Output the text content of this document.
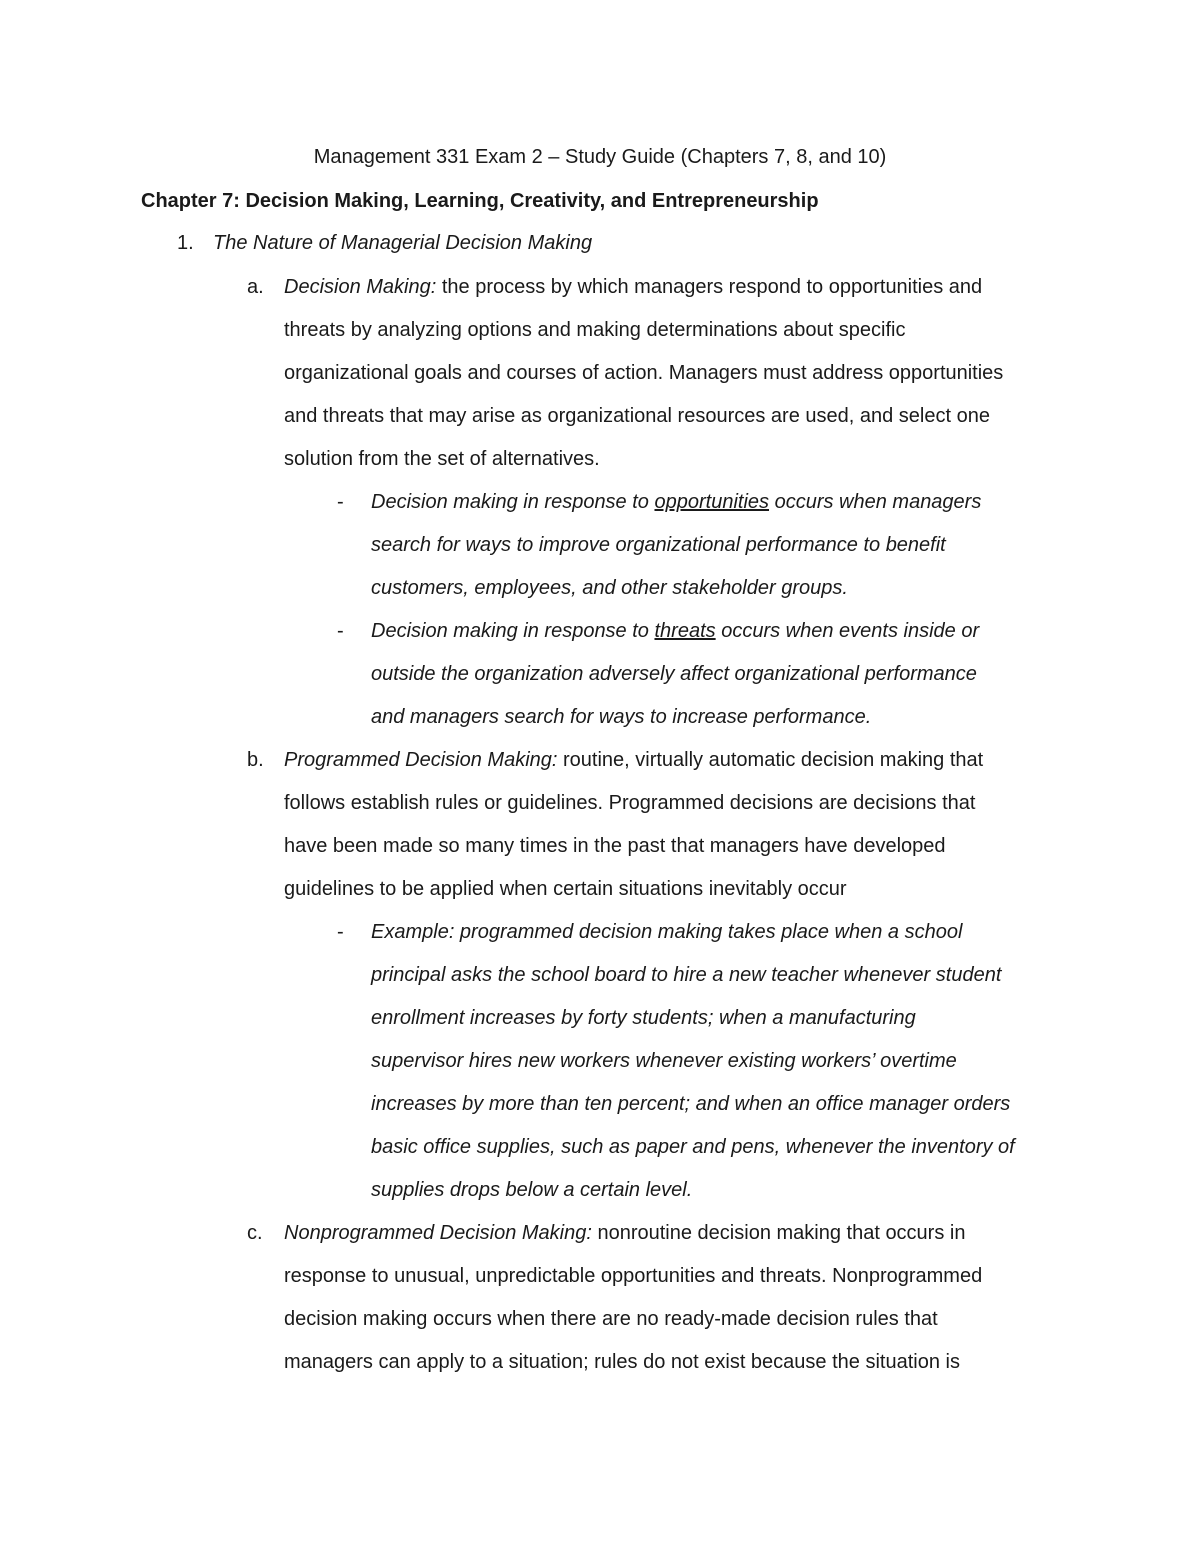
Management 331 Exam 2 – Study Guide (Chapters 7, 8, and 10)
Chapter 7: Decision Making, Learning, Creativity, and Entrepreneurship
1. The Nature of Managerial Decision Making
a. Decision Making: the process by which managers respond to opportunities and
threats by analyzing options and making determinations about specific
organizational goals and courses of action. Managers must address opportunities
and threats that may arise as organizational resources are used, and select one
solution from the set of alternatives.
- Decision making in response to opportunities occurs when managers
search for ways to improve organizational performance to benefit
customers, employees, and other stakeholder groups.
- Decision making in response to threats occurs when events inside or
outside the organization adversely affect organizational performance
and managers search for ways to increase performance.
b. Programmed Decision Making: routine, virtually automatic decision making that
follows establish rules or guidelines. Programmed decisions are decisions that
have been made so many times in the past that managers have developed
guidelines to be applied when certain situations inevitably occur
- Example: programmed decision making takes place when a school
principal asks the school board to hire a new teacher whenever student
enrollment increases by forty students; when a manufacturing
supervisor hires new workers whenever existing workers’ overtime
increases by more than ten percent; and when an office manager orders
basic office supplies, such as paper and pens, whenever the inventory of
supplies drops below a certain level.
c. Nonprogrammed Decision Making: nonroutine decision making that occurs in
response to unusual, unpredictable opportunities and threats. Nonprogrammed
decision making occurs when there are no ready-made decision rules that
managers can apply to a situation; rules do not exist because the situation is
